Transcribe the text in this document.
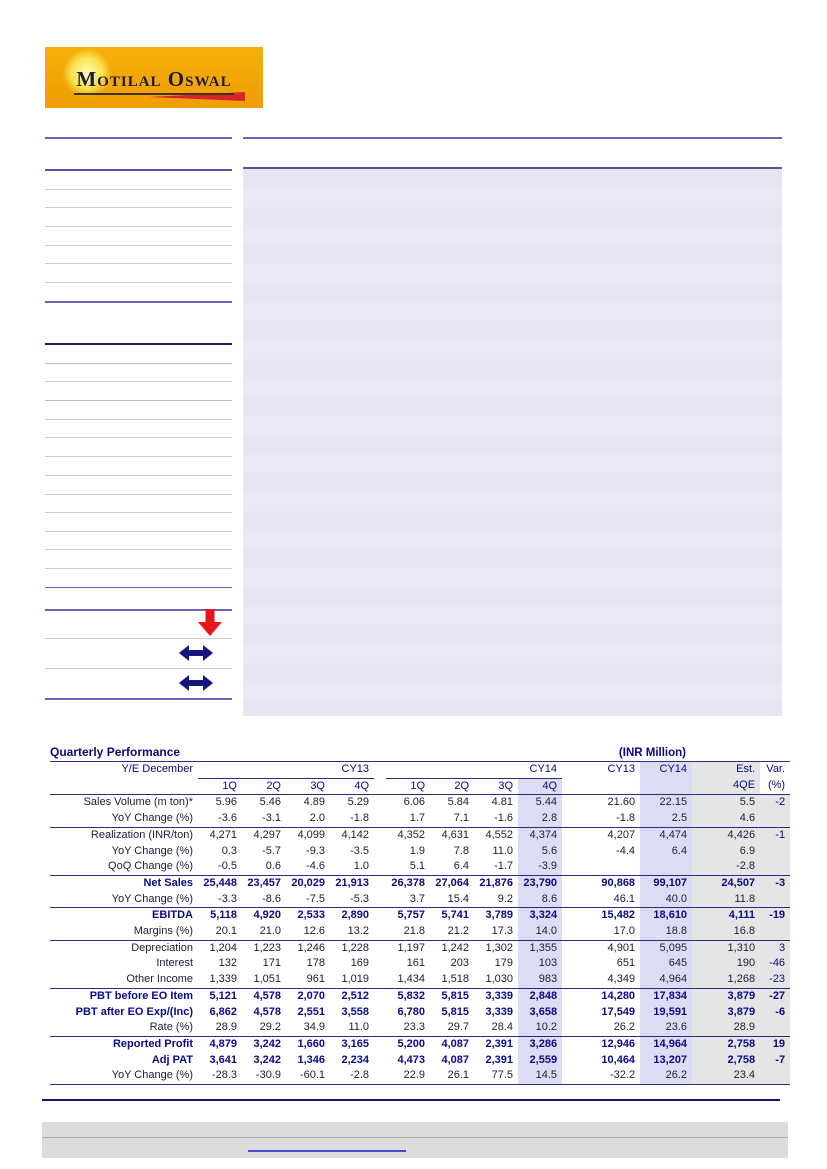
Motilal Oswal
Quarterly Performance	(INR Million)
Y/E December	CY13					CY14				CY13	CY14	Est.	Var.
	1Q	2Q	3Q	4Q		1Q	2Q	3Q	4Q			4QE	(%)
Sales Volume (m ton)*	5.96	5.46	4.89	5.29		6.06	5.84	4.81	5.44	21.60	22.15	5.5	-2
YoY Change (%)	-3.6	-3.1	2.0	-1.8		1.7	7.1	-1.6	2.8	-1.8	2.5	4.6	
Realization (INR/ton)	4,271	4,297	4,099	4,142		4,352	4,631	4,552	4,374	4,207	4,474	4,426	-1
YoY Change (%)	0.3	-5.7	-9.3	-3.5		1.9	7.8	11.0	5.6	-4.4	6.4	6.9	
QoQ Change (%)	-0.5	0.6	-4.6	1.0		5.1	6.4	-1.7	-3.9			-2.8	
Net Sales	25,448	23,457	20,029	21,913		26,378	27,064	21,876	23,790	90,868	99,107	24,507	-3
YoY Change (%)	-3.3	-8.6	-7.5	-5.3		3.7	15.4	9.2	8.6	46.1	40.0	11.8	
EBITDA	5,118	4,920	2,533	2,890		5,757	5,741	3,789	3,324	15,482	18,610	4,111	-19
Margins (%)	20.1	21.0	12.6	13.2		21.8	21.2	17.3	14.0	17.0	18.8	16.8	
Depreciation	1,204	1,223	1,246	1,228		1,197	1,242	1,302	1,355	4,901	5,095	1,310	3
Interest	132	171	178	169		161	203	179	103	651	645	190	-46
Other Income	1,339	1,051	961	1,019		1,434	1,518	1,030	983	4,349	4,964	1,268	-23
PBT before EO Item	5,121	4,578	2,070	2,512		5,832	5,815	3,339	2,848	14,280	17,834	3,879	-27
PBT after EO Exp/(Inc)	6,862	4,578	2,551	3,558		6,780	5,815	3,339	3,658	17,549	19,591	3,879	-6
Rate (%)	28.9	29.2	34.9	11.0		23.3	29.7	28.4	10.2	26.2	23.6	28.9	
Reported Profit	4,879	3,242	1,660	3,165		5,200	4,087	2,391	3,286	12,946	14,964	2,758	19
Adj PAT	3,641	3,242	1,346	2,234		4,473	4,087	2,391	2,559	10,464	13,207	2,758	-7
YoY Change (%)	-28.3	-30.9	-60.1	-2.8		22.9	26.1	77.5	14.5	-32.2	26.2	23.4	
